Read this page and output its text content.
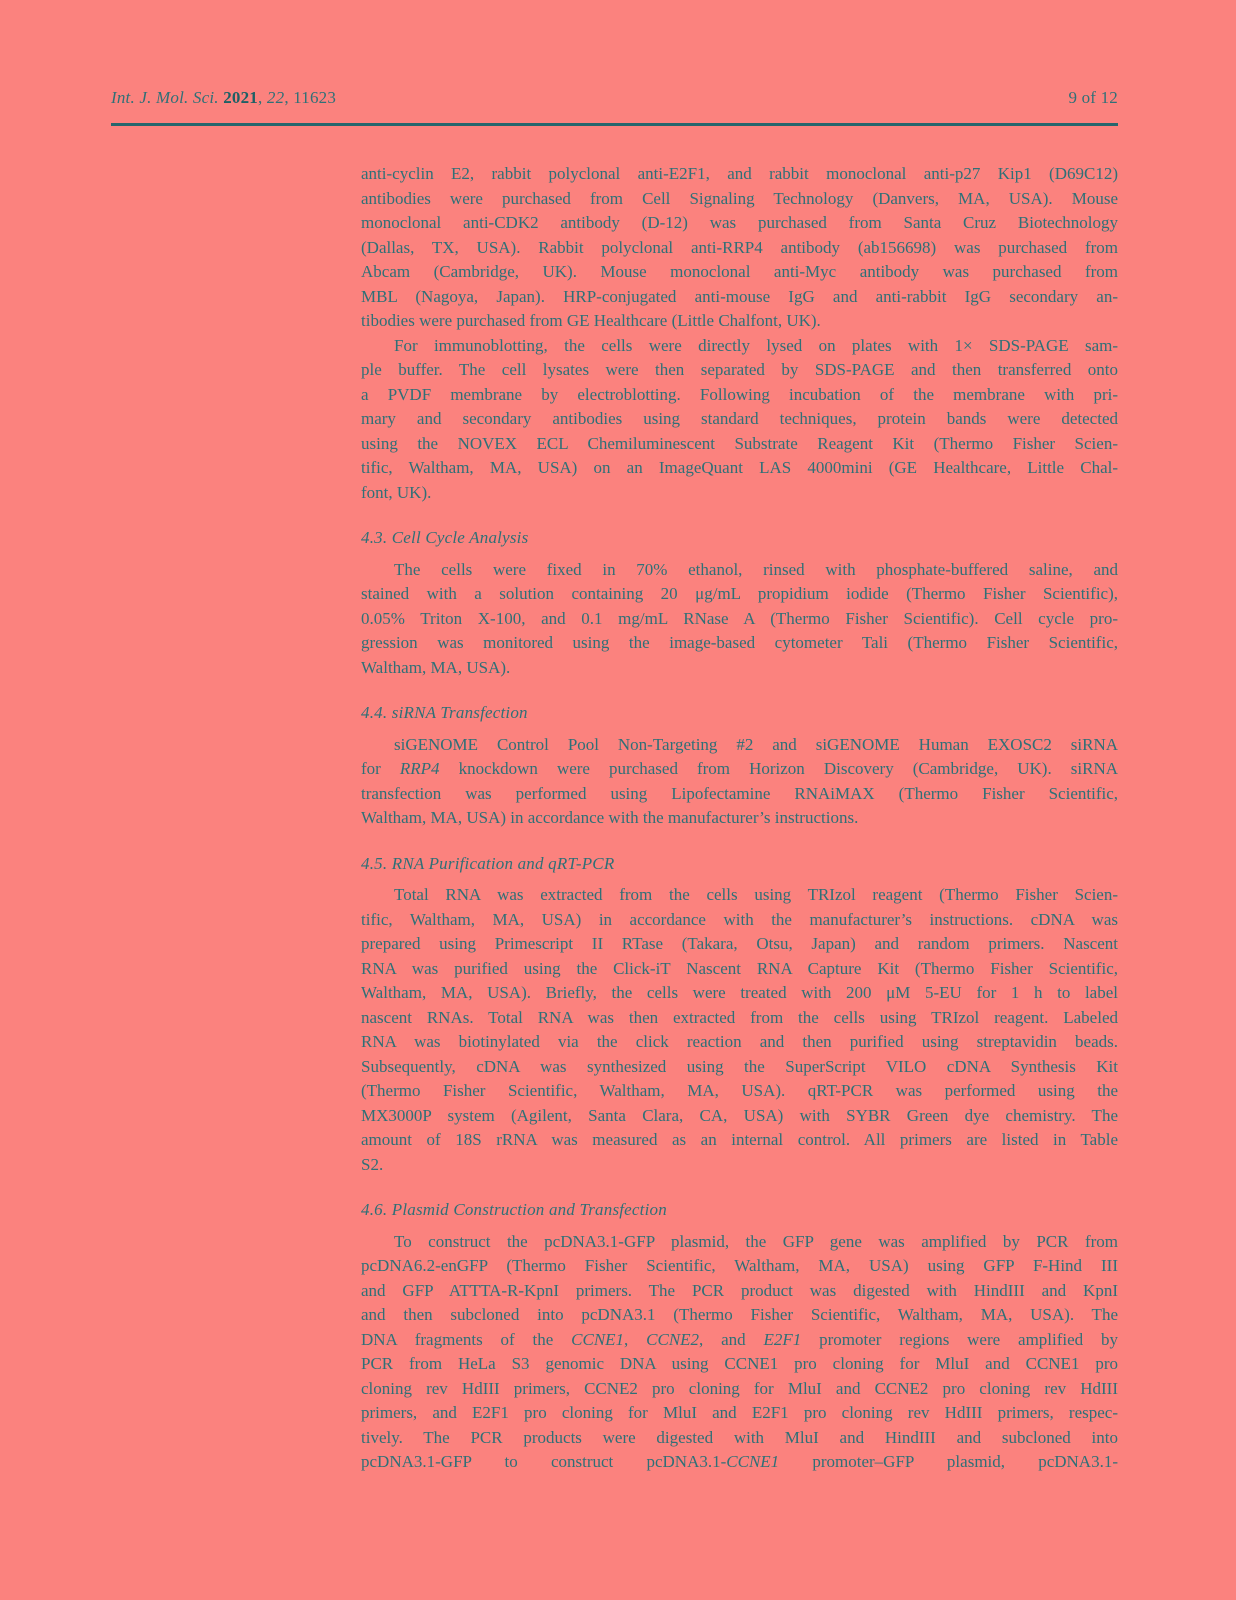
Int. J. Mol. Sci. 2021, 22, 11623	9 of 12
anti-cyclin E2, rabbit polyclonal anti-E2F1, and rabbit monoclonal anti-p27 Kip1 (D69C12)
antibodies were purchased from Cell Signaling Technology (Danvers, MA, USA). Mouse
monoclonal anti-CDK2 antibody (D-12) was purchased from Santa Cruz Biotechnology
(Dallas, TX, USA). Rabbit polyclonal anti-RRP4 antibody (ab156698) was purchased from
Abcam (Cambridge, UK). Mouse monoclonal anti-Myc antibody was purchased from
MBL (Nagoya, Japan). HRP-conjugated anti-mouse IgG and anti-rabbit IgG secondary an-
tibodies were purchased from GE Healthcare (Little Chalfont, UK).
For immunoblotting, the cells were directly lysed on plates with 1× SDS-PAGE sam-
ple buffer. The cell lysates were then separated by SDS-PAGE and then transferred onto
a PVDF membrane by electroblotting. Following incubation of the membrane with pri-
mary and secondary antibodies using standard techniques, protein bands were detected
using the NOVEX ECL Chemiluminescent Substrate Reagent Kit (Thermo Fisher Scien-
tific, Waltham, MA, USA) on an ImageQuant LAS 4000mini (GE Healthcare, Little Chal-
font, UK).
4.3. Cell Cycle Analysis
The cells were fixed in 70% ethanol, rinsed with phosphate-buffered saline, and
stained with a solution containing 20 μg/mL propidium iodide (Thermo Fisher Scientific),
0.05% Triton X-100, and 0.1 mg/mL RNase A (Thermo Fisher Scientific). Cell cycle pro-
gression was monitored using the image-based cytometer Tali (Thermo Fisher Scientific,
Waltham, MA, USA).
4.4. siRNA Transfection
siGENOME Control Pool Non-Targeting #2 and siGENOME Human EXOSC2 siRNA
for RRP4 knockdown were purchased from Horizon Discovery (Cambridge, UK). siRNA
transfection was performed using Lipofectamine RNAiMAX (Thermo Fisher Scientific,
Waltham, MA, USA) in accordance with the manufacturer’s instructions.
4.5. RNA Purification and qRT-PCR
Total RNA was extracted from the cells using TRIzol reagent (Thermo Fisher Scien-
tific, Waltham, MA, USA) in accordance with the manufacturer’s instructions. cDNA was
prepared using Primescript II RTase (Takara, Otsu, Japan) and random primers. Nascent
RNA was purified using the Click-iT Nascent RNA Capture Kit (Thermo Fisher Scientific,
Waltham, MA, USA). Briefly, the cells were treated with 200 μM 5-EU for 1 h to label
nascent RNAs. Total RNA was then extracted from the cells using TRIzol reagent. Labeled
RNA was biotinylated via the click reaction and then purified using streptavidin beads.
Subsequently, cDNA was synthesized using the SuperScript VILO cDNA Synthesis Kit
(Thermo Fisher Scientific, Waltham, MA, USA). qRT-PCR was performed using the
MX3000P system (Agilent, Santa Clara, CA, USA) with SYBR Green dye chemistry. The
amount of 18S rRNA was measured as an internal control. All primers are listed in Table
S2.
4.6. Plasmid Construction and Transfection
To construct the pcDNA3.1-GFP plasmid, the GFP gene was amplified by PCR from
pcDNA6.2-enGFP (Thermo Fisher Scientific, Waltham, MA, USA) using GFP F-Hind III
and GFP ATTTA-R-KpnI primers. The PCR product was digested with HindIII and KpnI
and then subcloned into pcDNA3.1 (Thermo Fisher Scientific, Waltham, MA, USA). The
DNA fragments of the CCNE1, CCNE2, and E2F1 promoter regions were amplified by
PCR from HeLa S3 genomic DNA using CCNE1 pro cloning for MluI and CCNE1 pro
cloning rev HdIII primers, CCNE2 pro cloning for MluI and CCNE2 pro cloning rev HdIII
primers, and E2F1 pro cloning for MluI and E2F1 pro cloning rev HdIII primers, respec-
tively. The PCR products were digested with MluI and HindIII and subcloned into
pcDNA3.1-GFP to construct pcDNA3.1-CCNE1 promoter–GFP plasmid, pcDNA3.1-
